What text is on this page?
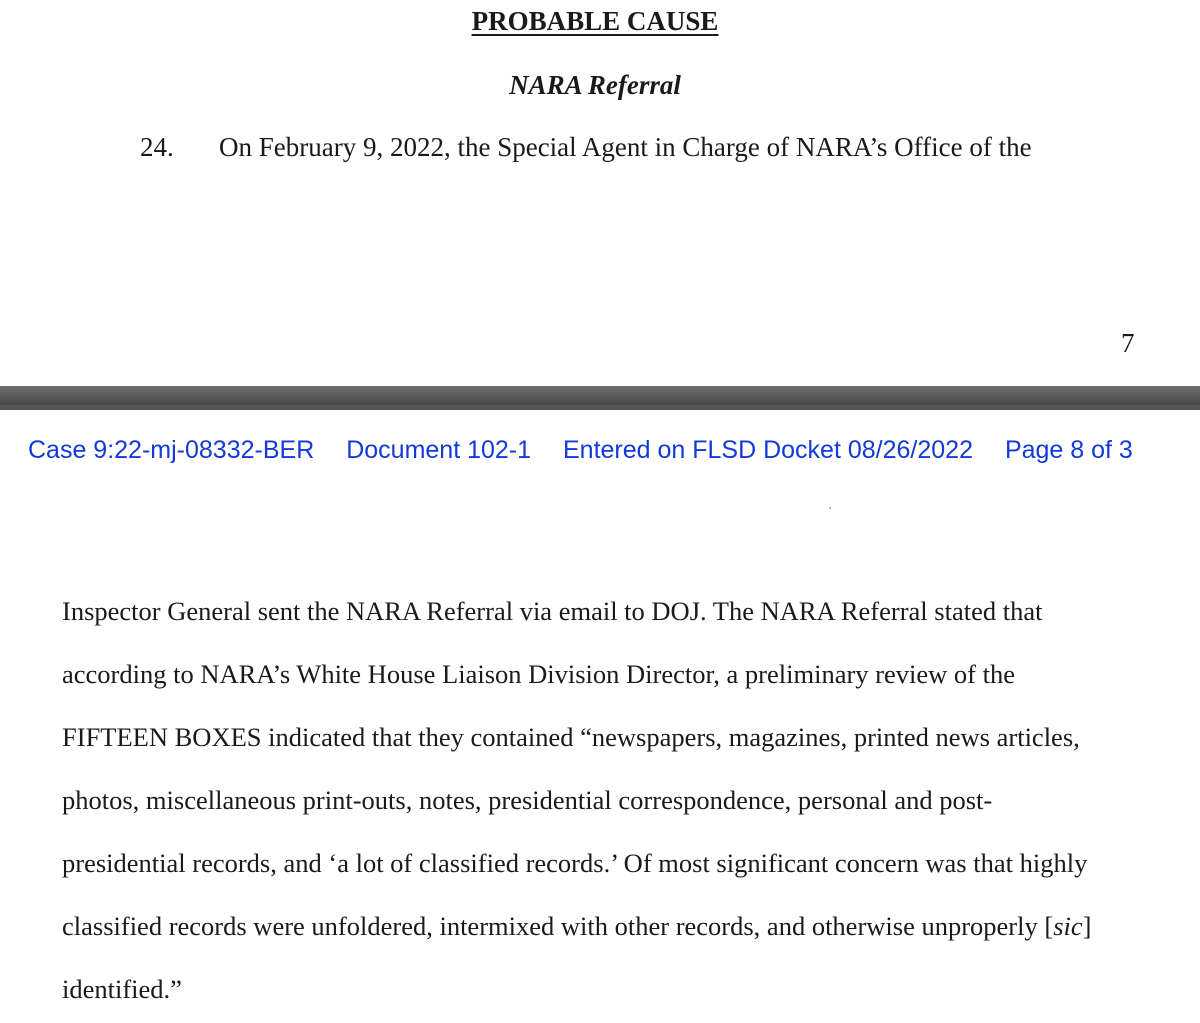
PROBABLE CAUSE
NARA Referral
24. On February 9, 2022, the Special Agent in Charge of NARA’s Office of the
7
Case 9:22-mj-08332-BER Document 102-1 Entered on FLSD Docket 08/26/2022 Page 8 of 3
Inspector General sent the NARA Referral via email to DOJ. The NARA Referral stated that
according to NARA’s White House Liaison Division Director, a preliminary review of the
FIFTEEN BOXES indicated that they contained “newspapers, magazines, printed news articles,
photos, miscellaneous print-outs, notes, presidential correspondence, personal and post-
presidential records, and ‘a lot of classified records.’ Of most significant concern was that highly
classified records were unfoldered, intermixed with other records, and otherwise unproperly [sic]
identified.”
